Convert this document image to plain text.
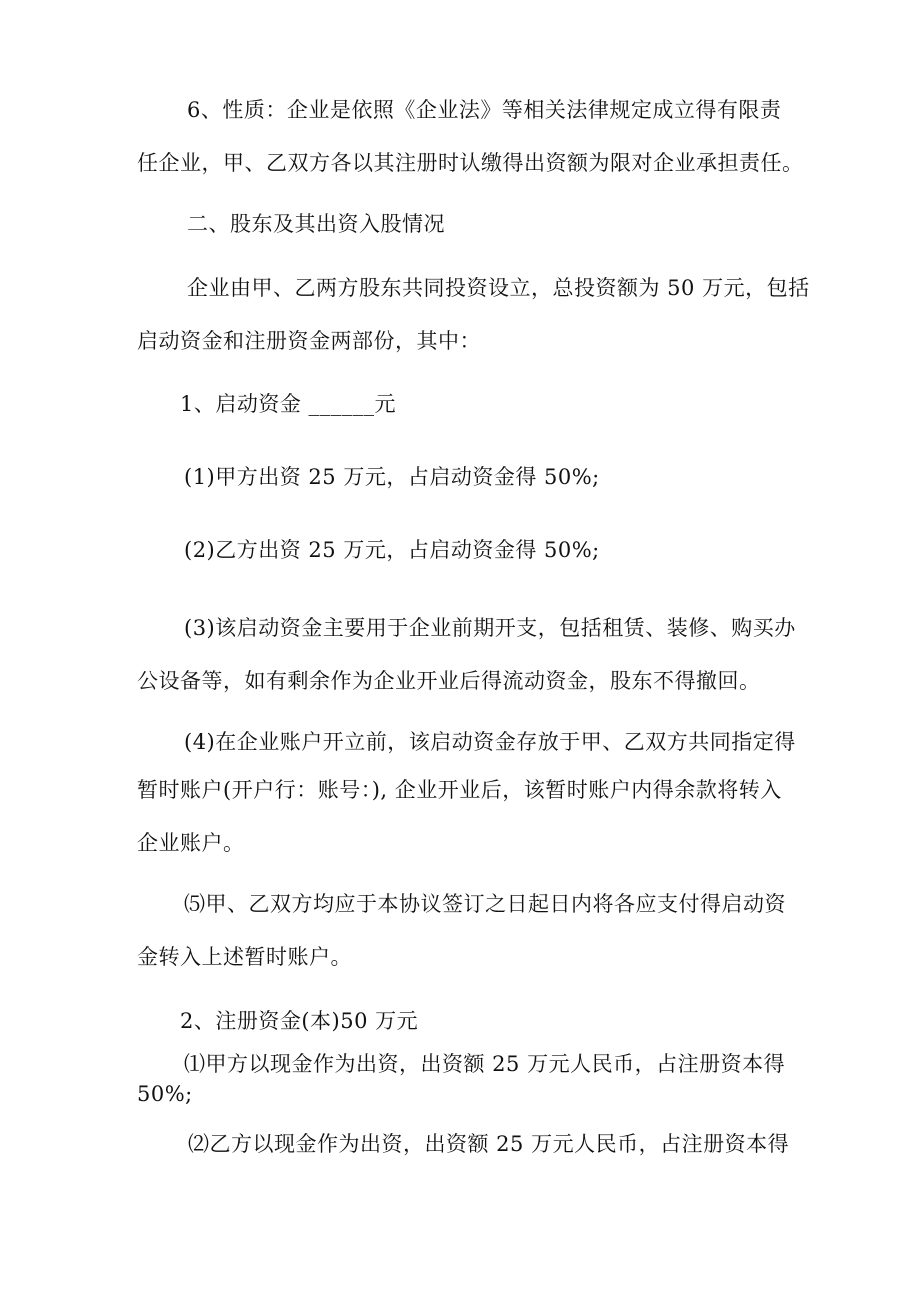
6、性质：企业是依照《企业法》等相关法律规定成立得有限责
任企业，甲、乙双方各以其注册时认缴得出资额为限对企业承担责任。
二、股东及其出资入股情况
企业由甲、乙两方股东共同投资设立，总投资额为 50 万元，包括
启动资金和注册资金两部份，其中：
1、启动资金 ______元
(1)甲方出资 25 万元，占启动资金得 50%;
(2)乙方出资 25 万元，占启动资金得 50%;
(3)该启动资金主要用于企业前期开支，包括租赁、装修、购买办
公设备等，如有剩余作为企业开业后得流动资金，股东不得撤回。
(4)在企业账户开立前，该启动资金存放于甲、乙双方共同指定得
暂时账户(开户行：账号：), 企业开业后，该暂时账户内得余款将转入
企业账户。
⑸甲、乙双方均应于本协议签订之日起日内将各应支付得启动资
金转入上述暂时账户。
2、注册资金(本)50 万元
⑴甲方以现金作为出资，出资额 25 万元人民币，占注册资本得
50%;
⑵乙方以现金作为出资，出资额 25 万元人民币，占注册资本得
